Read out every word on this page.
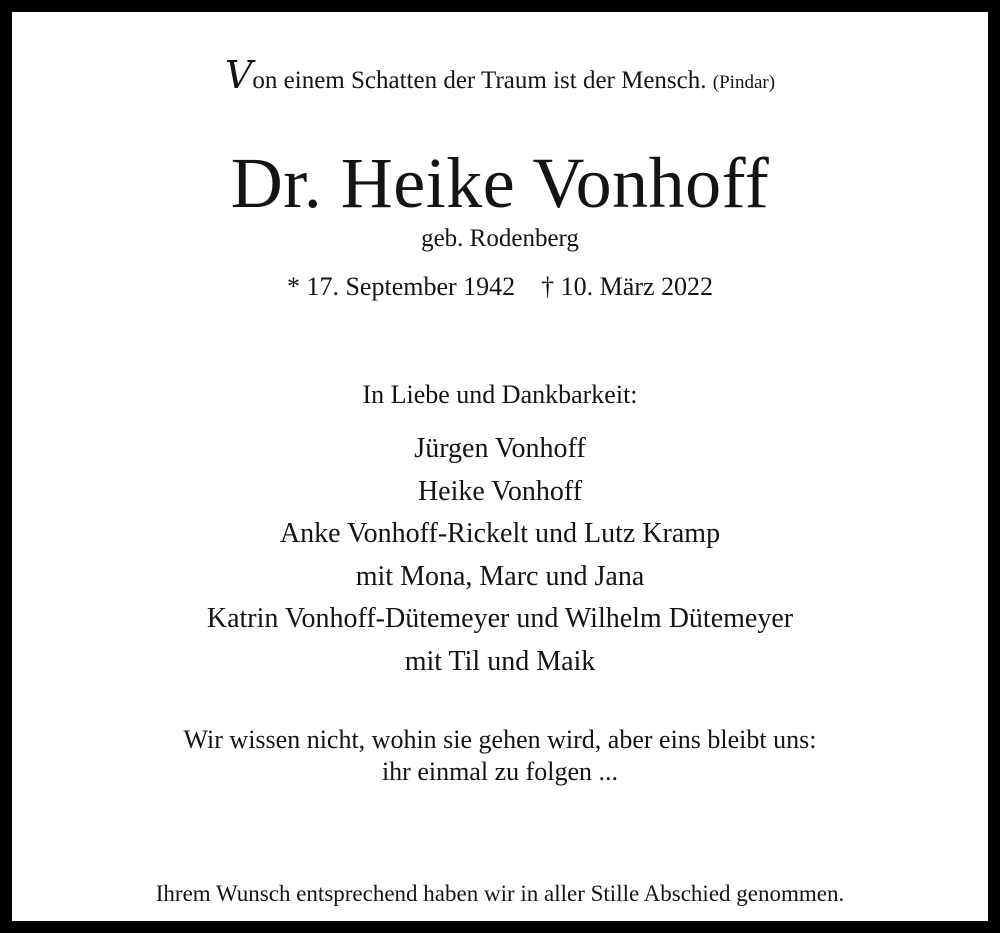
Von einem Schatten der Traum ist der Mensch. (Pindar)
Dr. Heike Vonhoff
geb. Rodenberg
* 17. September 1942 † 10. März 2022
In Liebe und Dankbarkeit:
Jürgen Vonhoff
Heike Vonhoff
Anke Vonhoff-Rickelt und Lutz Kramp
mit Mona, Marc und Jana
Katrin Vonhoff-Dütemeyer und Wilhelm Dütemeyer
mit Til und Maik
Wir wissen nicht, wohin sie gehen wird, aber eins bleibt uns:
ihr einmal zu folgen ...
Ihrem Wunsch entsprechend haben wir in aller Stille Abschied genommen.
